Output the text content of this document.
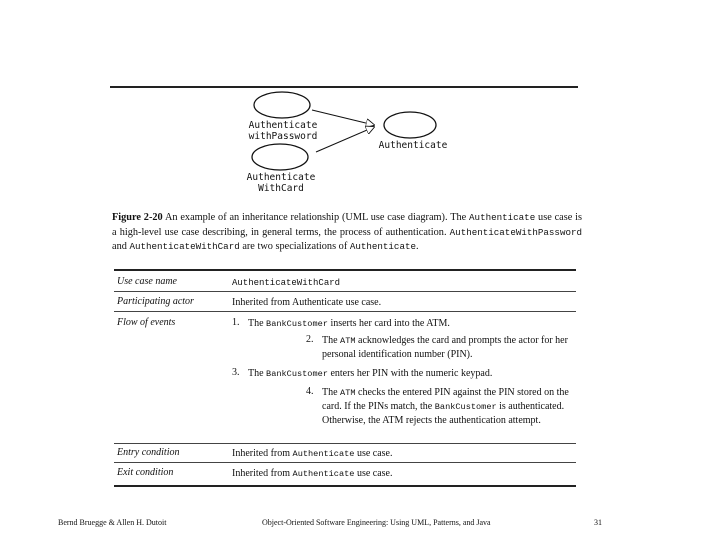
Authenticate
withPassword
Authenticate
WithCard
Authenticate
Figure 2-20 An example of an inheritance relationship (UML use case diagram). The Authenticate use case is a high-level use case describing, in general terms, the process of authentication. AuthenticateWithPassword and AuthenticateWithCard are two specializations of Authenticate.
Use case name	AuthenticateWithCard
Participating actor	Inherited from Authenticate use case.
Flow of events	1. The BankCustomer inserts her card into the ATM.
2. The ATM acknowledges the card and prompts the actor for her personal identification number (PIN).
3. The BankCustomer enters her PIN with the numeric keypad.
4. The ATM checks the entered PIN against the PIN stored on the card. If the PINs match, the BankCustomer is authenticated. Otherwise, the ATM rejects the authentication attempt.
Entry condition	Inherited from Authenticate use case.
Exit condition	Inherited from Authenticate use case.
Bernd Bruegge & Allen H. Dutoit	Object-Oriented Software Engineering: Using UML, Patterns, and Java	31
